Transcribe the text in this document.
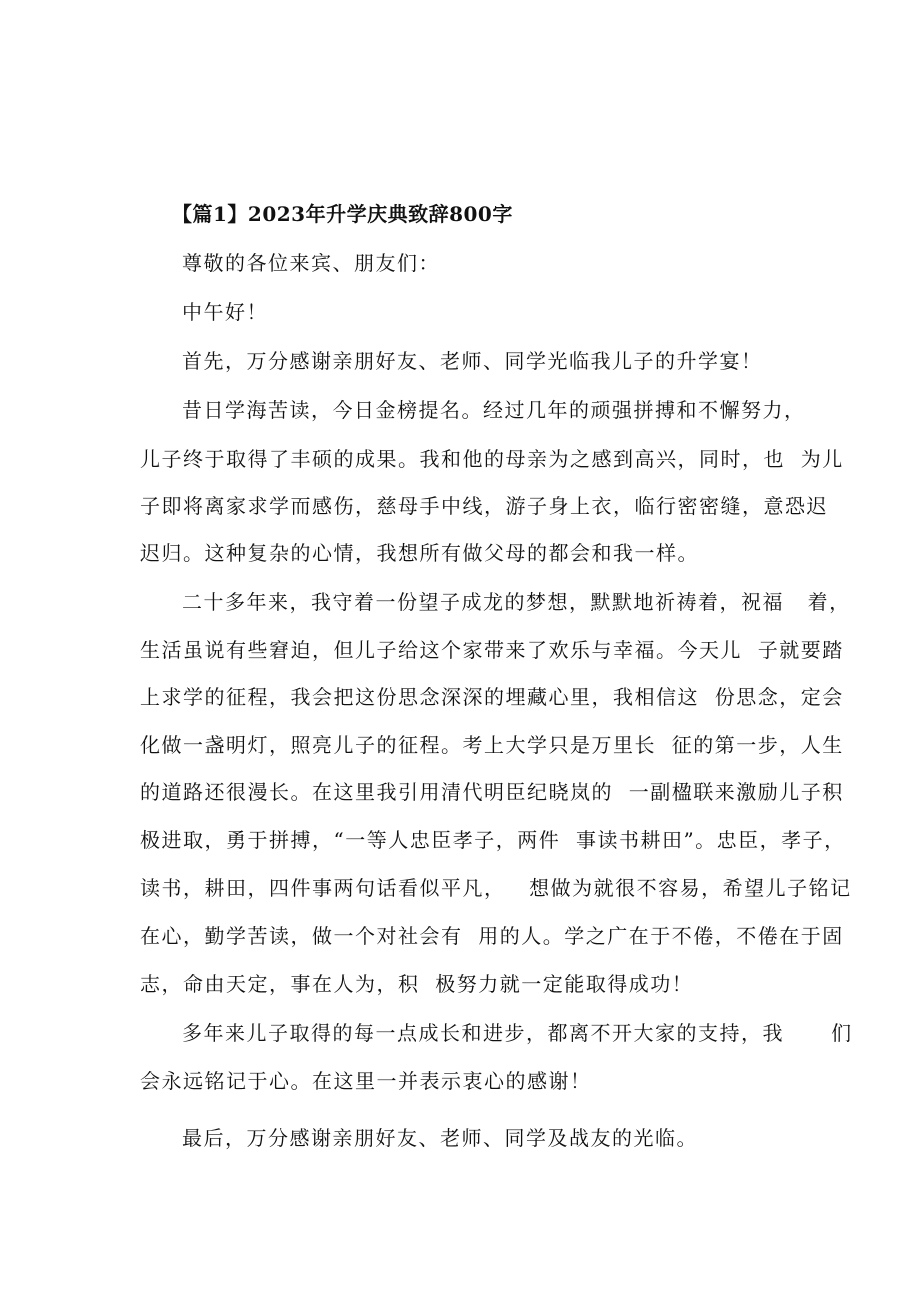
【篇1】2023年升学庆典致辞800字
尊敬的各位来宾、朋友们：
中午好！
首先，万分感谢亲朋好友、老师、同学光临我儿子的升学宴！
昔日学海苦读，今日金榜提名。经过几年的顽强拼搏和不懈努力，
儿子终于取得了丰硕的成果。我和他的母亲为之感到高兴，同时，也  为儿
子即将离家求学而感伤，慈母手中线，游子身上衣，临行密密缝，意恐迟
迟归。这种复杂的心情，我想所有做父母的都会和我一样。
二十多年来，我守着一份望子成龙的梦想，默默地祈祷着，祝福   着，
生活虽说有些窘迫，但儿子给这个家带来了欢乐与幸福。今天儿  子就要踏
上求学的征程，我会把这份思念深深的埋藏心里，我相信这  份思念，定会
化做一盏明灯，照亮儿子的征程。考上大学只是万里长  征的第一步，人生
的道路还很漫长。在这里我引用清代明臣纪晓岚的  一副楹联来激励儿子积
极进取，勇于拼搏，“一等人忠臣孝子，两件  事读书耕田”。忠臣，孝子，
读书，耕田，四件事两句话看似平凡，   想做为就很不容易，希望儿子铭记
在心，勤学苦读，做一个对社会有  用的人。学之广在于不倦，不倦在于固
志，命由天定，事在人为，积  极努力就一定能取得成功！
多年来儿子取得的每一点成长和进步，都离不开大家的支持，我      们
会永远铭记于心。在这里一并表示衷心的感谢！
最后，万分感谢亲朋好友、老师、同学及战友的光临。
